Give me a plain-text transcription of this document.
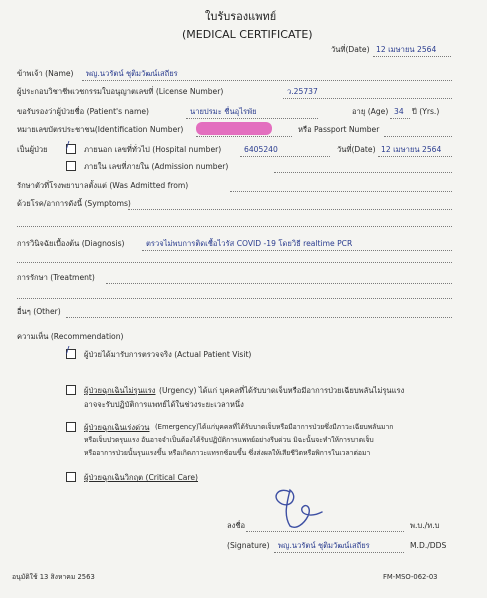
ใบรับรองแพทย์
(MEDICAL CERTIFICATE)
วันที่(Date) 12 เมษายน 2564
ข้าพเจ้า (Name) พญ.นวรัตน์ ชุติมวัฒน์เสถียร
ผู้ประกอบวิชาชีพเวชกรรมใบอนุญาตเลขที่ (License Number)	ว.25737
ขอรับรองว่าผู้ป่วยชื่อ (Patient's name)	นายปรมะ ชื่นอุไรพัย	อายุ (Age) 34 ปี (Yrs.)
หมายเลขบัตรประชาชน(Identification Number)	หรือ Passport Number
เป็นผู้ป่วย / ภายนอก เลขที่ทั่วไป (Hospital number)	6405240	วันที่(Date) 12 เมษายน 2564
ภายใน เลขที่ภายใน (Admission number)
รักษาตัวที่โรงพยาบาลตั้งแต่ (Was Admitted from)
ด้วยโรค/อาการดังนี้ (Symptoms)
การวินิจฉัยเบื้องต้น (Diagnosis)	ตรวจไม่พบการติดเชื้อไวรัส COVID -19 โดยวิธี realtime PCR
การรักษา (Treatment)
อื่นๆ (Other)
ความเห็น (Recommendation)
/ ผู้ป่วยได้มารับการตรวจจริง (Actual Patient Visit)
ผู้ป่วยฉุกเฉินไม่รุนแรง (Urgency) ได้แก่ บุคคลที่ได้รับบาดเจ็บหรือมีอาการป่วยเฉียบพลันไม่รุนแรง
อาจจะรับปฏิบัติการแพทย์ได้ในช่วงระยะเวลาหนึ่ง
ผู้ป่วยฉุกเฉินเร่งด่วน (Emergency)ได้แก่บุคคลที่ได้รับบาดเจ็บหรือมีอาการป่วยซึ่งมีภาวะเฉียบพลันมาก
หรือเจ็บปวดรุนแรง อันอาจจำเป็นต้องได้รับปฏิบัติการแพทย์อย่างรีบด่วน มิฉะนั้นจะทำให้การบาดเจ็บ
หรืออาการป่วยนั้นรุนแรงขึ้น หรือเกิดภาวะแทรกซ้อนขึ้น ซึ่งส่งผลให้เสียชีวิตหรือพิการในเวลาต่อมา
ผู้ป่วยฉุกเฉินวิกฤต (Critical Care)
ลงชื่อ	พ.บ./ท.บ
(Signature) พญ.นวรัตน์ ชุติมวัฒน์เสถียร	M.D./DDS
อนุมัติใช้ 13 สิงหาคม 2563	FM-MSO-062-03
